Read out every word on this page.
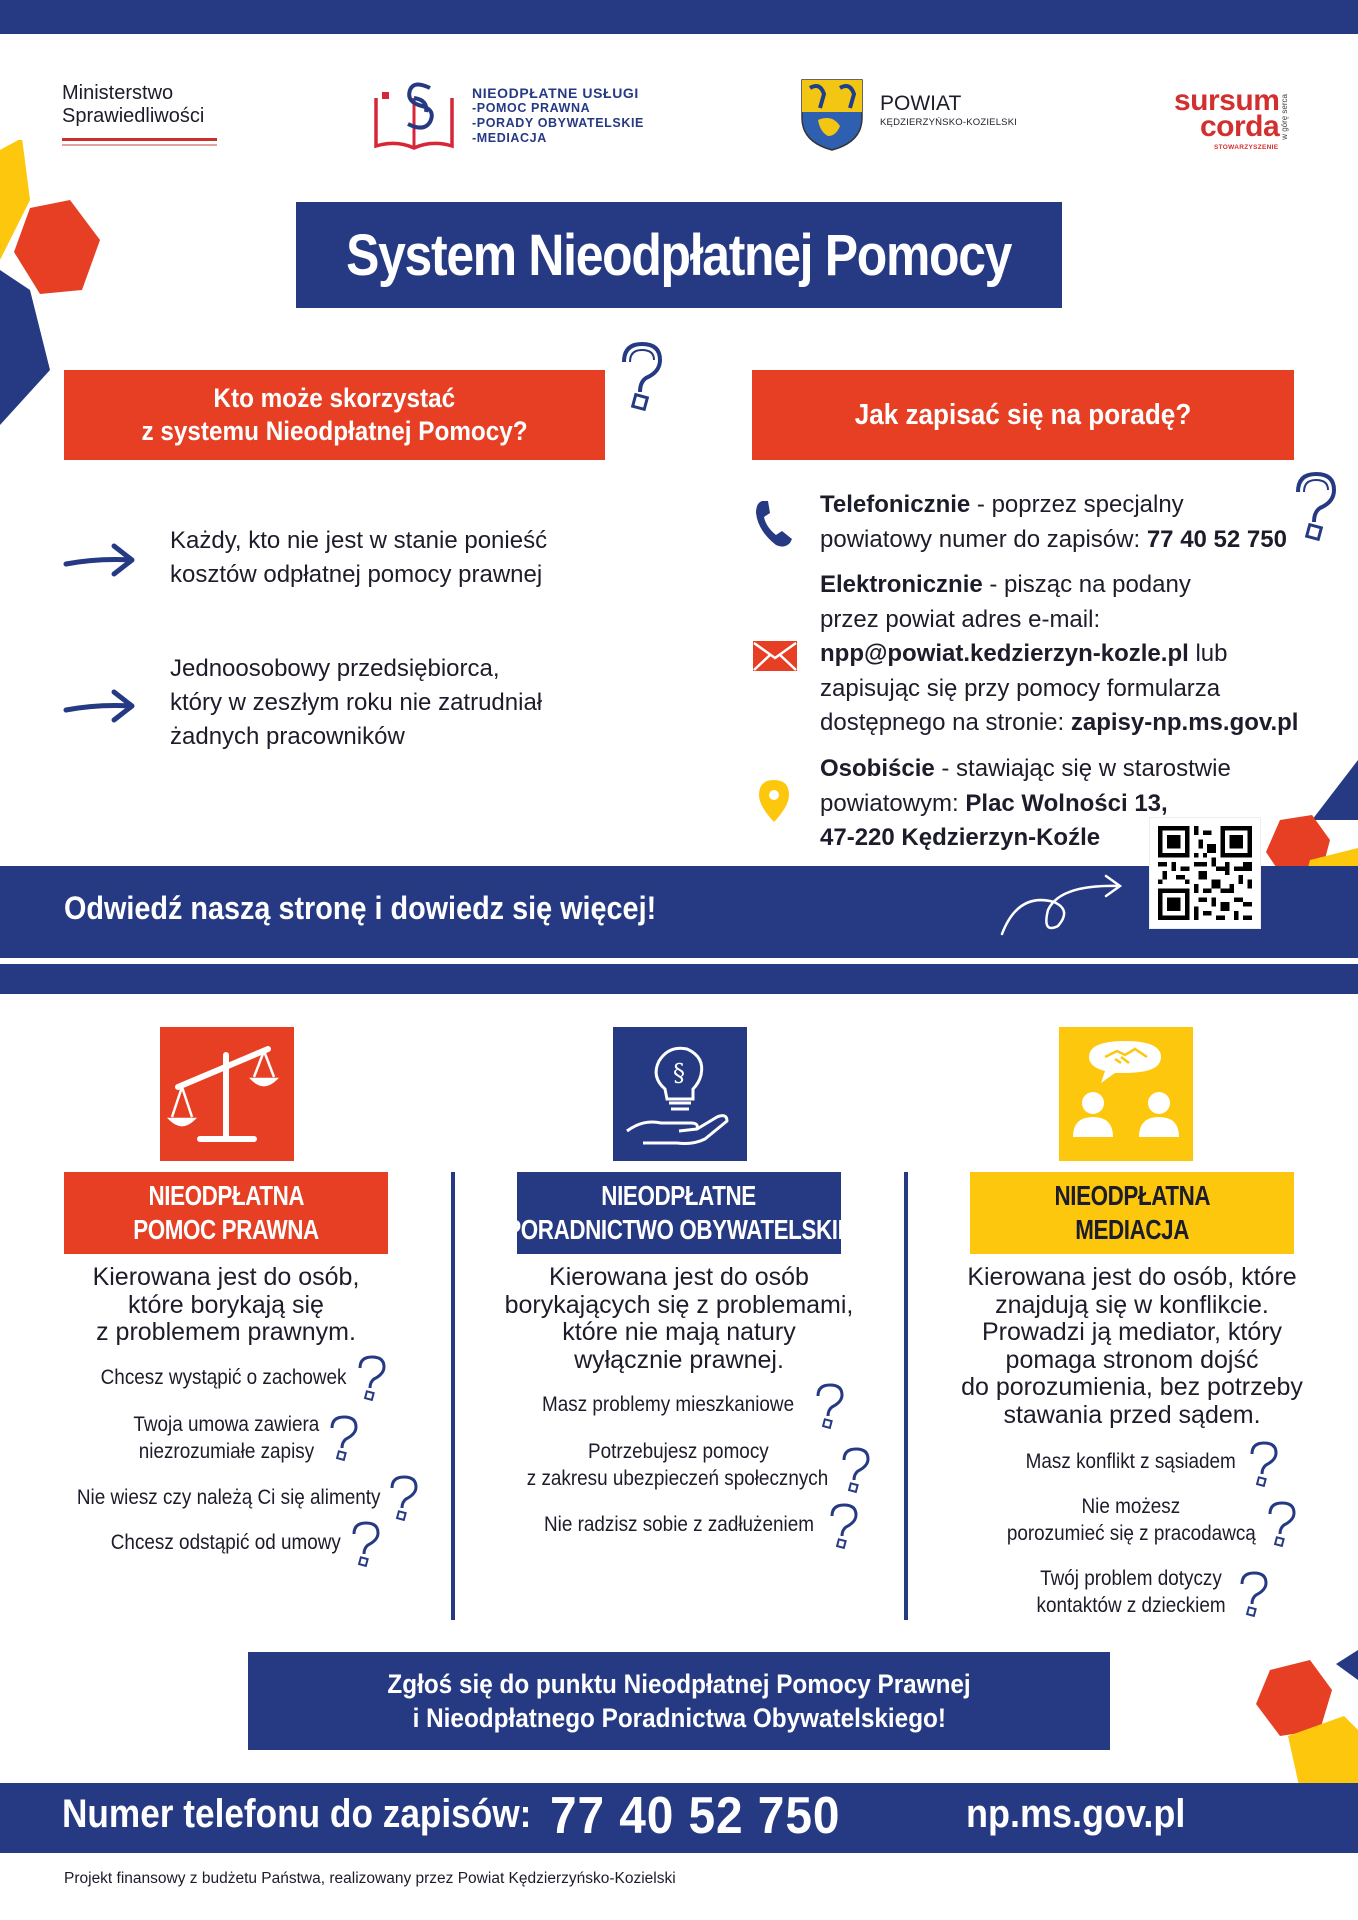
Ministerstwo
Sprawiedliwości
NIEODPŁATNE USŁUGI
-POMOC PRAWNA
-PORADY OBYWATELSKIE
-MEDIACJA
POWIAT
KĘDZIERZYŃSKO-KOZIELSKI
sursum
corda
STOWARZYSZENIE
w górę serca
System Nieodpłatnej Pomocy
Kto może skorzystać
z systemu Nieodpłatnej Pomocy?
Każdy, kto nie jest w stanie ponieść
kosztów odpłatnej pomocy prawnej
Jednoosobowy przedsiębiorca,
który w zeszłym roku nie zatrudniał
żadnych pracowników
Jak zapisać się na poradę?
Telefonicznie - poprzez specjalny
powiatowy numer do zapisów: 77 40 52 750
Elektronicznie - pisząc na podany
przez powiat adres e-mail:
npp@powiat.kedzierzyn-kozle.pl lub
zapisując się przy pomocy formularza
dostępnego na stronie: zapisy-np.ms.gov.pl
Osobiście - stawiając się w starostwie
powiatowym: Plac Wolności 13,
47-220 Kędzierzyn-Koźle
Odwiedź naszą stronę i dowiedz się więcej!
§
NIEODPŁATNA
POMOC PRAWNA
NIEODPŁATNE
PORADNICTWO OBYWATELSKIE
NIEODPŁATNA
MEDIACJA
Kierowana jest do osób,
które borykają się
z problemem prawnym.
Kierowana jest do osób
borykających się z problemami,
które nie mają natury
wyłącznie prawnej.
Kierowana jest do osób, które
znajdują się w konflikcie.
Prowadzi ją mediator, który
pomaga stronom dojść
do porozumienia, bez potrzeby
stawania przed sądem.
Chcesz wystąpić o zachowek
Twoja umowa zawiera
niezrozumiałe zapisy
Nie wiesz czy należą Ci się alimenty
Chcesz odstąpić od umowy
Masz problemy mieszkaniowe
Potrzebujesz pomocy
z zakresu ubezpieczeń społecznych
Nie radzisz sobie z zadłużeniem
Masz konflikt z sąsiadem
Nie możesz
porozumieć się z pracodawcą
Twój problem dotyczy
kontaktów z dzieckiem
Zgłoś się do punktu Nieodpłatnej Pomocy Prawnej
i Nieodpłatnego Poradnictwa Obywatelskiego!
Numer telefonu do zapisów: 77 40 52 750	np.ms.gov.pl
Projekt finansowy z budżetu Państwa, realizowany przez Powiat Kędzierzyńsko-Kozielski
